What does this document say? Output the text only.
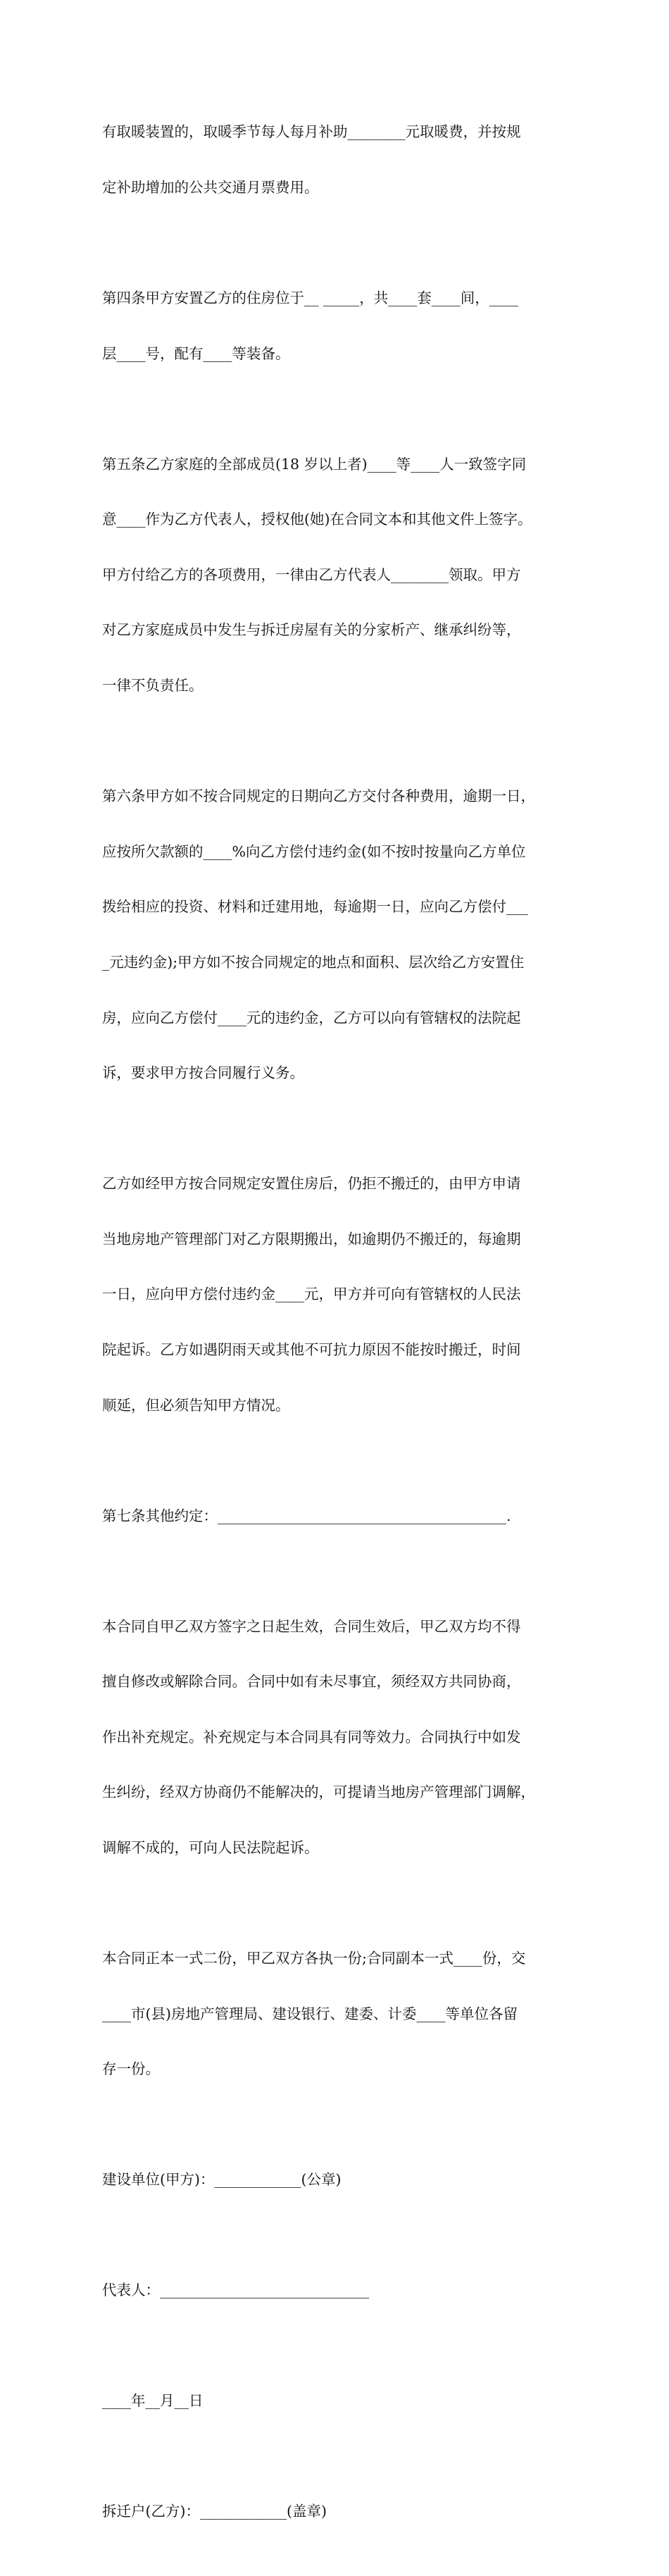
有取暖装置的，取暖季节每人每月补助________元取暖费，并按规

定补助增加的公共交通月票费用。

第四条甲方安置乙方的住房位于__ _____，共____套____间，____

层____号，配有____等装备。

第五条乙方家庭的全部成员(18 岁以上者)____等____人一致签字同

意____作为乙方代表人，授权他(她)在合同文本和其他文件上签字。

甲方付给乙方的各项费用，一律由乙方代表人________领取。甲方

对乙方家庭成员中发生与拆迁房屋有关的分家析产、继承纠纷等，

一律不负责任。

第六条甲方如不按合同规定的日期向乙方交付各种费用，逾期一日，

应按所欠款额的____%向乙方偿付违约金(如不按时按量向乙方单位

拨给相应的投资、材料和迁建用地，每逾期一日，应向乙方偿付___

_元违约金);甲方如不按合同规定的地点和面积、层次给乙方安置住

房，应向乙方偿付____元的违约金，乙方可以向有管辖权的法院起

诉，要求甲方按合同履行义务。

乙方如经甲方按合同规定安置住房后，仍拒不搬迁的，由甲方申请

当地房地产管理部门对乙方限期搬出，如逾期仍不搬迁的，每逾期

一日，应向甲方偿付违约金____元，甲方并可向有管辖权的人民法

院起诉。乙方如遇阴雨天或其他不可抗力原因不能按时搬迁，时间

顺延，但必须告知甲方情况。

第七条其他约定：________________________________________.

本合同自甲乙双方签字之日起生效，合同生效后，甲乙双方均不得

擅自修改或解除合同。合同中如有未尽事宜，须经双方共同协商，

作出补充规定。补充规定与本合同具有同等效力。合同执行中如发

生纠纷，经双方协商仍不能解决的，可提请当地房产管理部门调解，

调解不成的，可向人民法院起诉。

本合同正本一式二份，甲乙双方各执一份;合同副本一式____份，交

____市(县)房地产管理局、建设银行、建委、计委____等单位各留

存一份。

建设单位(甲方)：____________(公章)

代表人：_____________________________

____年__月__日

拆迁户(乙方)：____________(盖章)
